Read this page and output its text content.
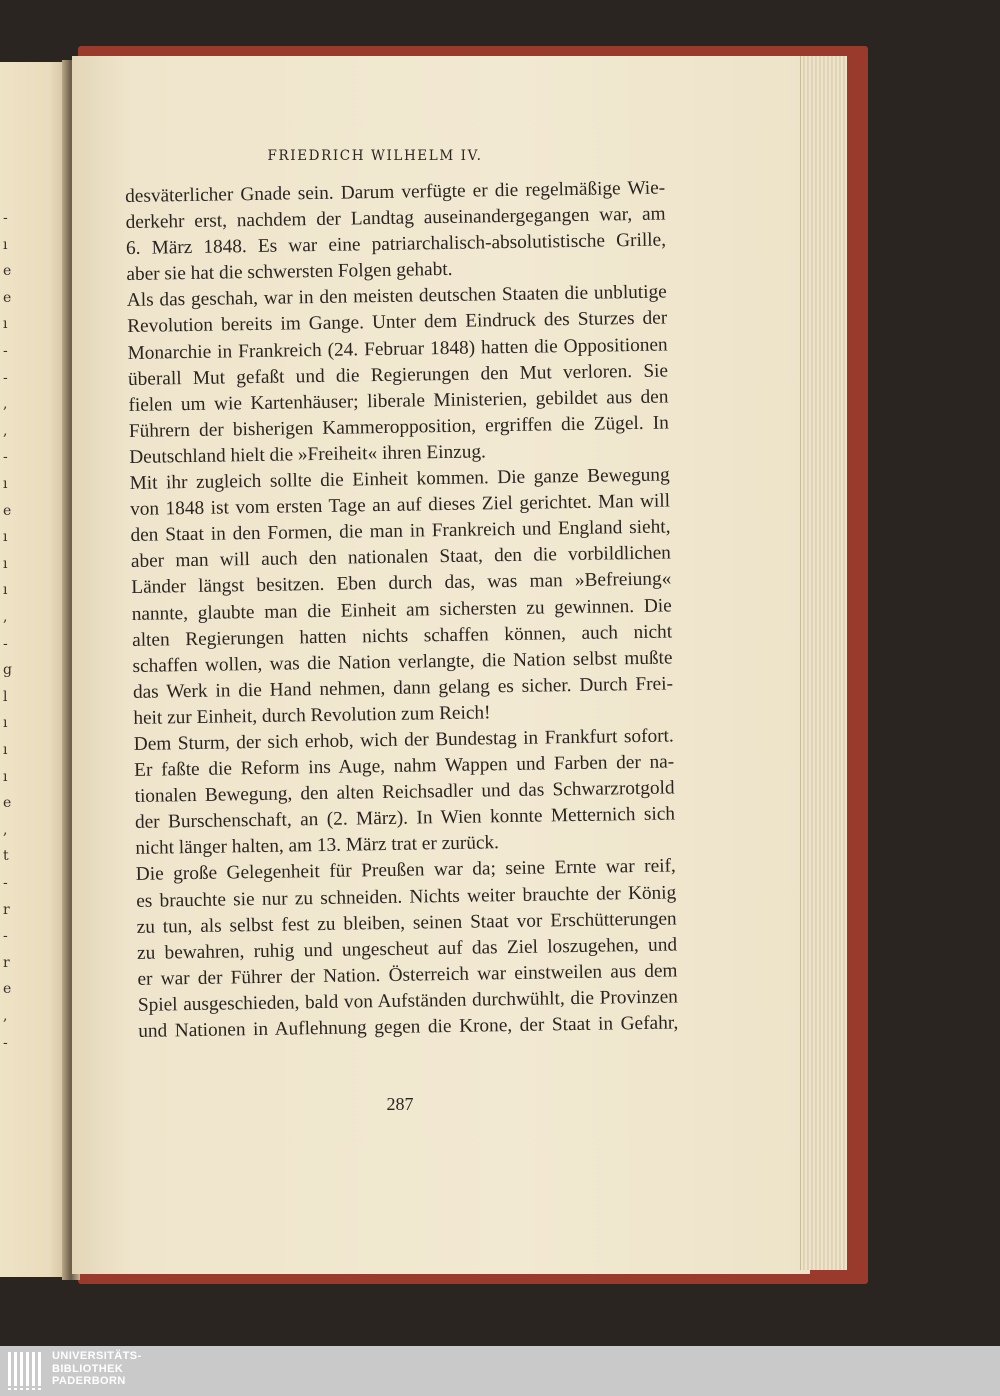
-
ı
e
e
ı
-
-
,
,
-
ı
e
ı
ı
ı
,
-
g
l
ı
ı
ı
e
,
t
-
r
-
r
e
,
-
FRIEDRICH WILHELM IV.
desväterlicher Gnade sein. Darum verfügte er die regelmäßige Wie-
derkehr erst, nachdem der Landtag auseinandergegangen war, am
6. März 1848. Es war eine patriarchalisch-absolutistische Grille,
aber sie hat die schwersten Folgen gehabt.
Als das geschah, war in den meisten deutschen Staaten die unblutige
Revolution bereits im Gange. Unter dem Eindruck des Sturzes der
Monarchie in Frankreich (24. Februar 1848) hatten die Oppositionen
überall Mut gefaßt und die Regierungen den Mut verloren. Sie
fielen um wie Kartenhäuser; liberale Ministerien, gebildet aus den
Führern der bisherigen Kammeropposition, ergriffen die Zügel. In
Deutschland hielt die »Freiheit« ihren Einzug.
Mit ihr zugleich sollte die Einheit kommen. Die ganze Bewegung
von 1848 ist vom ersten Tage an auf dieses Ziel gerichtet. Man will
den Staat in den Formen, die man in Frankreich und England sieht,
aber man will auch den nationalen Staat, den die vorbildlichen
Länder längst besitzen. Eben durch das, was man »Befreiung«
nannte, glaubte man die Einheit am sichersten zu gewinnen. Die
alten Regierungen hatten nichts schaffen können, auch nicht
schaffen wollen, was die Nation verlangte, die Nation selbst mußte
das Werk in die Hand nehmen, dann gelang es sicher. Durch Frei-
heit zur Einheit, durch Revolution zum Reich!
Dem Sturm, der sich erhob, wich der Bundestag in Frankfurt sofort.
Er faßte die Reform ins Auge, nahm Wappen und Farben der na-
tionalen Bewegung, den alten Reichsadler und das Schwarzrotgold
der Burschenschaft, an (2. März). In Wien konnte Metternich sich
nicht länger halten, am 13. März trat er zurück.
Die große Gelegenheit für Preußen war da; seine Ernte war reif,
es brauchte sie nur zu schneiden. Nichts weiter brauchte der König
zu tun, als selbst fest zu bleiben, seinen Staat vor Erschütterungen
zu bewahren, ruhig und ungescheut auf das Ziel loszugehen, und
er war der Führer der Nation. Österreich war einstweilen aus dem
Spiel ausgeschieden, bald von Aufständen durchwühlt, die Provinzen
und Nationen in Auflehnung gegen die Krone, der Staat in Gefahr,
287
UNIVERSITÄTS-
BIBLIOTHEK
PADERBORN
